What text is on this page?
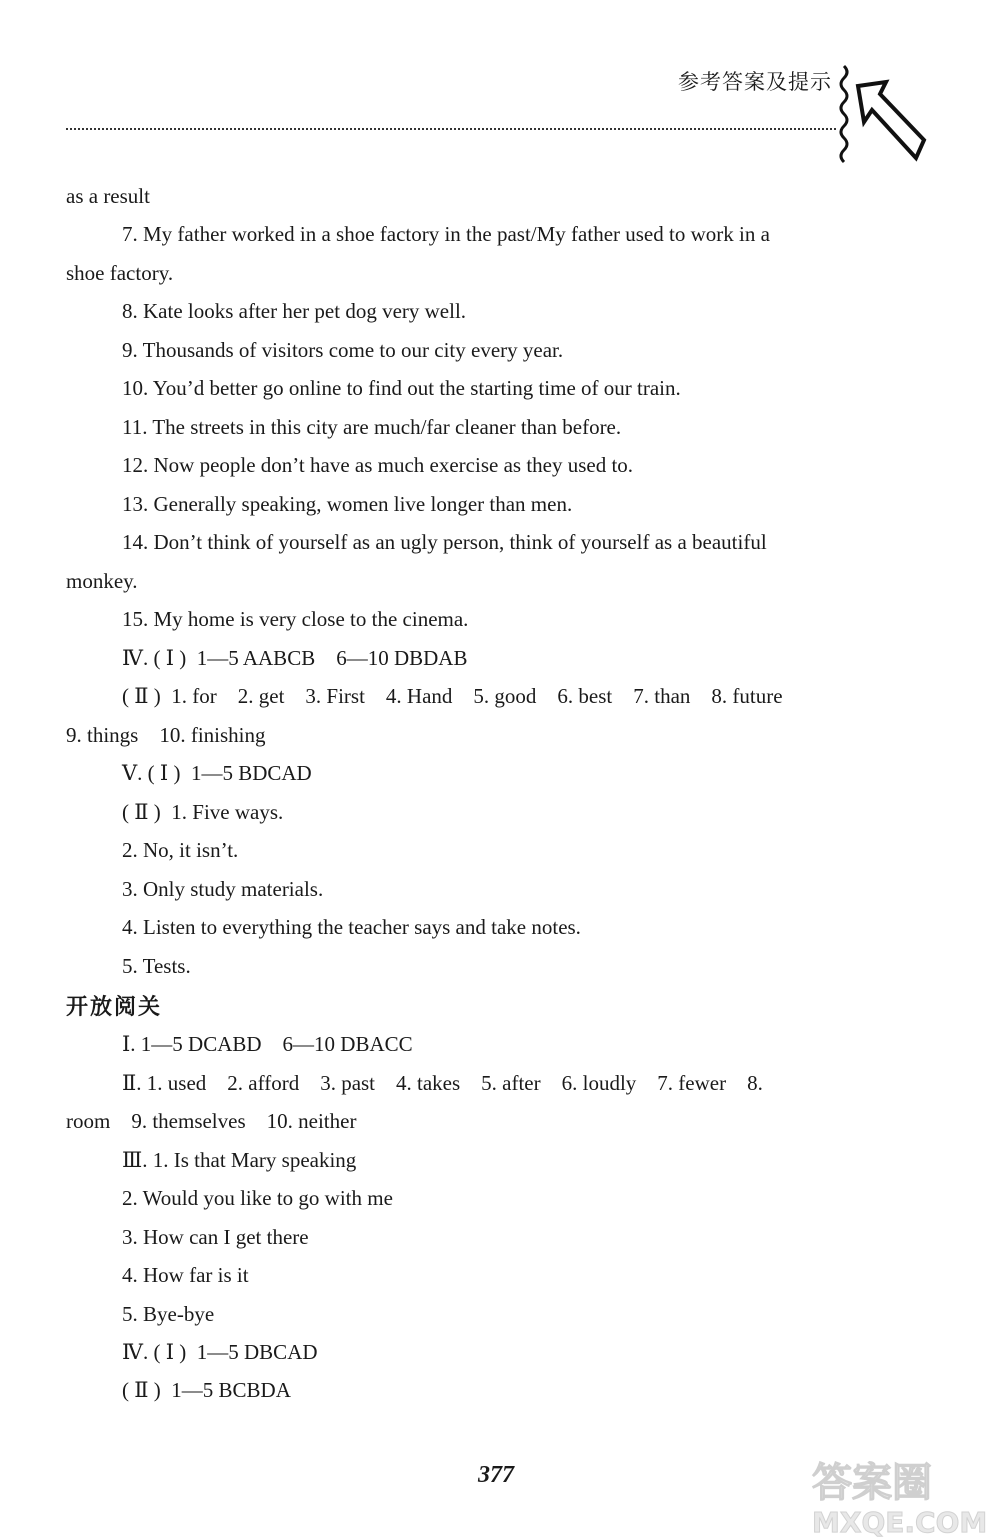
参考答案及提示
as a result
7. My father worked in a shoe factory in the past/My father used to work in a
shoe factory.
8. Kate looks after her pet dog very well.
9. Thousands of visitors come to our city every year.
10. You’d better go online to find out the starting time of our train.
11. The streets in this city are much/far cleaner than before.
12. Now people don’t have as much exercise as they used to.
13. Generally speaking, women live longer than men.
14. Don’t think of yourself as an ugly person, think of yourself as a beautiful
monkey.
15. My home is very close to the cinema.
Ⅳ. ( Ⅰ )  1—5 AABCB    6—10 DBDAB
( Ⅱ )  1. for    2. get    3. First    4. Hand    5. good    6. best    7. than    8. future
9. things    10. finishing
Ⅴ. ( Ⅰ )  1—5 BDCAD
( Ⅱ )  1. Five ways.
2. No, it isn’t.
3. Only study materials.
4. Listen to everything the teacher says and take notes.
5. Tests.
开放阅关
Ⅰ. 1—5 DCABD    6—10 DBACC
Ⅱ. 1. used    2. afford    3. past    4. takes    5. after    6. loudly    7. fewer    8.
room    9. themselves    10. neither
Ⅲ. 1. Is that Mary speaking
2. Would you like to go with me
3. How can I get there
4. How far is it
5. Bye-bye
Ⅳ. ( Ⅰ )  1—5 DBCAD
( Ⅱ )  1—5 BCBDA
377	答案圈
MXQE.COM
